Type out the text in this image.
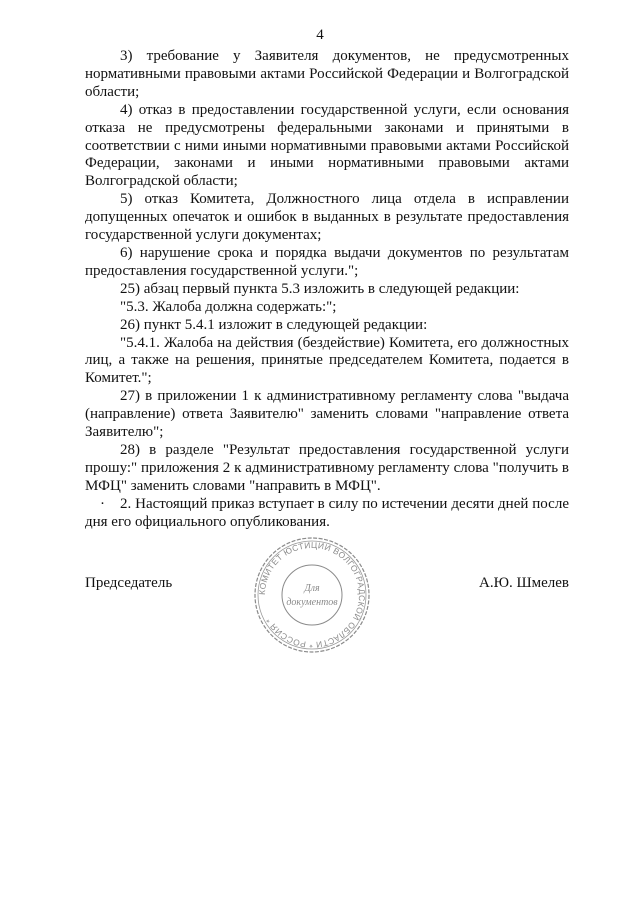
4

3) требование у Заявителя документов, не предусмотренных нормативными правовыми актами Российской Федерации и Волгоградской области;

4) отказ в предоставлении государственной услуги, если основания отказа не предусмотрены федеральными законами и принятыми в соответствии с ними иными нормативными правовыми актами Российской Федерации, законами и иными нормативными правовыми актами Волгоградской области;

5) отказ Комитета, Должностного лица отдела в исправлении допущенных опечаток и ошибок в выданных в результате предоставления государственной услуги документах;

6) нарушение срока и порядка выдачи документов по результатам предоставления государственной услуги.";

25) абзац первый пункта 5.3 изложить в следующей редакции:

"5.3. Жалоба должна содержать:";

26) пункт 5.4.1 изложит в следующей редакции:

"5.4.1. Жалоба на действия (бездействие) Комитета, его должностных лиц, а также на решения, принятые председателем Комитета, подается в Комитет.";

27) в приложении 1 к административному регламенту слова "выдача (направление) ответа Заявителю" заменить словами "направление ответа Заявителю";

28) в разделе "Результат предоставления государственной услуги прошу:" приложения 2 к административному регламенту слова "получить в МФЦ" заменить словами "направить в МФЦ".

· 2. Настоящий приказ вступает в силу по истечении десяти дней после дня его официального опубликования.

Председатель	А.Ю. Шмелев
КОМИТЕТ ЮСТИЦИИ ВОЛГОГРАДСКОЙ ОБЛАСТИ * РОССИЯ *
Для
документов
